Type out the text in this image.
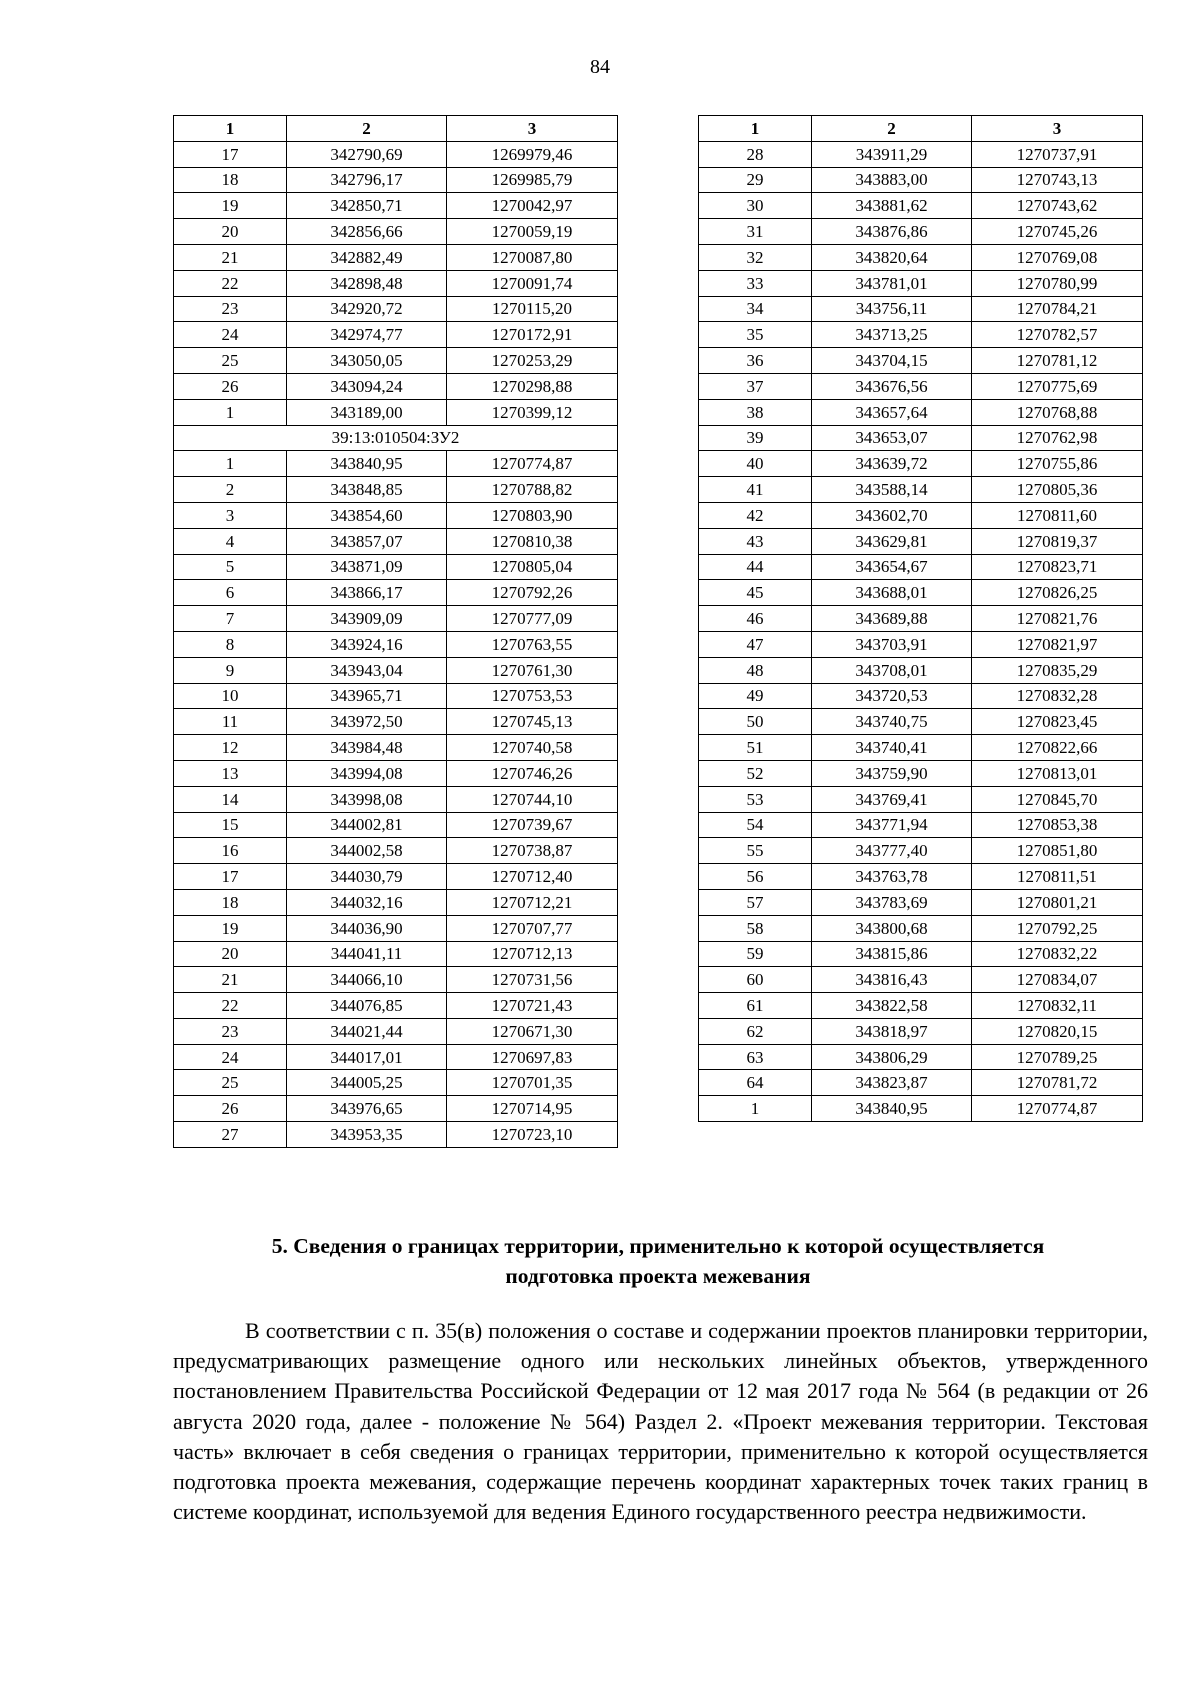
84
1	2	3
17	342790,69	1269979,46
18	342796,17	1269985,79
19	342850,71	1270042,97
20	342856,66	1270059,19
21	342882,49	1270087,80
22	342898,48	1270091,74
23	342920,72	1270115,20
24	342974,77	1270172,91
25	343050,05	1270253,29
26	343094,24	1270298,88
1	343189,00	1270399,12
39:13:010504:ЗУ2		
1	343840,95	1270774,87
2	343848,85	1270788,82
3	343854,60	1270803,90
4	343857,07	1270810,38
5	343871,09	1270805,04
6	343866,17	1270792,26
7	343909,09	1270777,09
8	343924,16	1270763,55
9	343943,04	1270761,30
10	343965,71	1270753,53
11	343972,50	1270745,13
12	343984,48	1270740,58
13	343994,08	1270746,26
14	343998,08	1270744,10
15	344002,81	1270739,67
16	344002,58	1270738,87
17	344030,79	1270712,40
18	344032,16	1270712,21
19	344036,90	1270707,77
20	344041,11	1270712,13
21	344066,10	1270731,56
22	344076,85	1270721,43
23	344021,44	1270671,30
24	344017,01	1270697,83
25	344005,25	1270701,35
26	343976,65	1270714,95
27	343953,35	1270723,10
1	2	3
28	343911,29	1270737,91
29	343883,00	1270743,13
30	343881,62	1270743,62
31	343876,86	1270745,26
32	343820,64	1270769,08
33	343781,01	1270780,99
34	343756,11	1270784,21
35	343713,25	1270782,57
36	343704,15	1270781,12
37	343676,56	1270775,69
38	343657,64	1270768,88
39	343653,07	1270762,98
40	343639,72	1270755,86
41	343588,14	1270805,36
42	343602,70	1270811,60
43	343629,81	1270819,37
44	343654,67	1270823,71
45	343688,01	1270826,25
46	343689,88	1270821,76
47	343703,91	1270821,97
48	343708,01	1270835,29
49	343720,53	1270832,28
50	343740,75	1270823,45
51	343740,41	1270822,66
52	343759,90	1270813,01
53	343769,41	1270845,70
54	343771,94	1270853,38
55	343777,40	1270851,80
56	343763,78	1270811,51
57	343783,69	1270801,21
58	343800,68	1270792,25
59	343815,86	1270832,22
60	343816,43	1270834,07
61	343822,58	1270832,11
62	343818,97	1270820,15
63	343806,29	1270789,25
64	343823,87	1270781,72
1	343840,95	1270774,87
5. Сведения о границах территории, применительно к которой осуществляется
подготовка проекта межевания

В соответствии с п. 35(в) положения о составе и содержании проектов планировки территории, предусматривающих размещение одного или нескольких линейных объектов, утвержденного постановлением Правительства Российской Федерации от 12 мая 2017 года № 564 (в редакции от 26 августа 2020 года, далее - положение № 564) Раздел 2. «Проект межевания территории. Текстовая часть» включает в себя сведения о границах территории, применительно к которой осуществляется подготовка проекта межевания, содержащие перечень координат характерных точек таких границ в системе координат, используемой для ведения Единого государственного реестра недвижимости.
